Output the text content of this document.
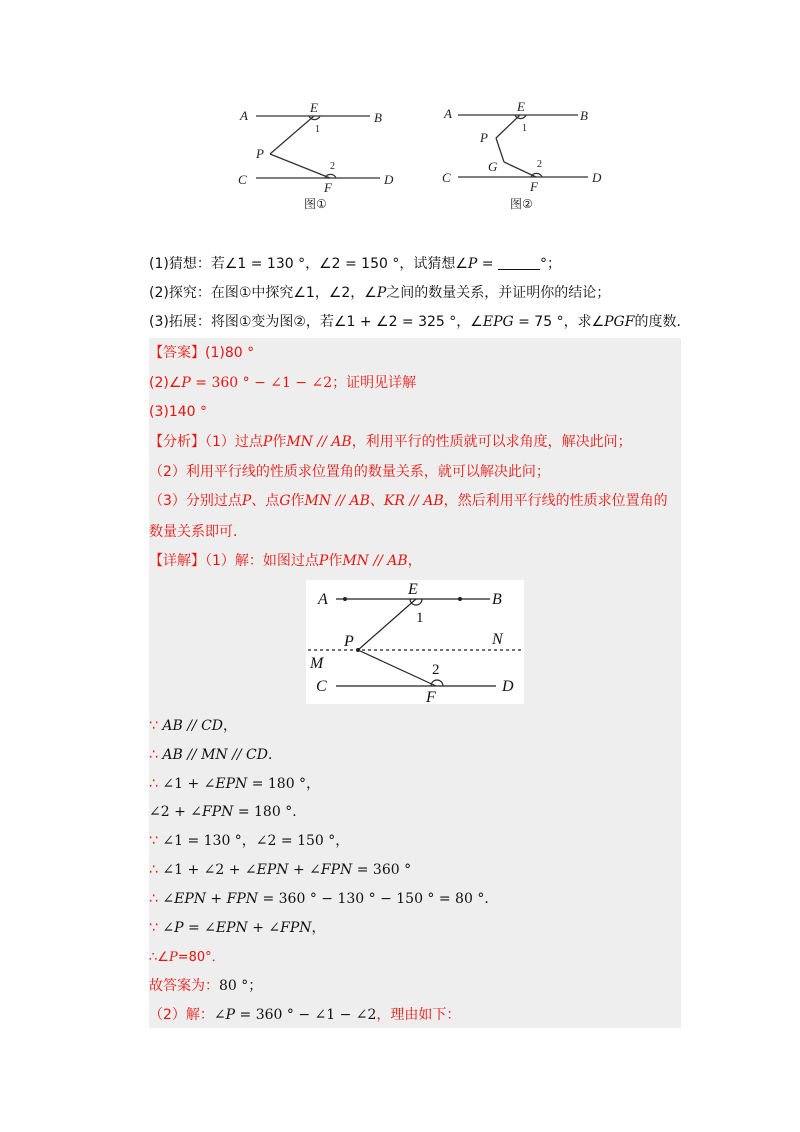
A	B
C	D
E
F
P
1
2
图①
A	B
C	D
E
F
P
G
1
2
图②
(1)猜想：若∠1 = 130 °，∠2 = 150 °，试猜想∠P =	°；
(2)探究：在图①中探究∠1，∠2，∠P之间的数量关系，并证明你的结论；
(3)拓展：将图①变为图②，若∠1 + ∠2 = 325 °，∠EPG = 75 °，求∠PGF的度数．
【答案】(1)80 °
(2)∠P = 360 ° − ∠1 − ∠2；证明见详解
(3)140 °
【分析】（1）过点P作MN // AB，利用平行的性质就可以求角度，解决此问；
（2）利用平行线的性质求位置角的数量关系，就可以解决此问；
（3）分别过点P、点G作MN // AB、KR // AB，然后利用平行线的性质求位置角的
数量关系即可．
【详解】（1）解：如图过点P作MN // AB，
A	B
C	D
E
F
P
M
N
1
2
∵ AB // CD，
∴ AB // MN // CD．
∴ ∠1 + ∠EPN = 180 °，
∠2 + ∠FPN = 180 °．
∵ ∠1 = 130 °，∠2 = 150 °，
∴ ∠1 + ∠2 + ∠EPN + ∠FPN = 360 °
∴ ∠EPN + FPN = 360 ° − 130 ° − 150 ° = 80 °．
∵ ∠P = ∠EPN + ∠FPN，
∴∠P=80°．
故答案为：80 °；
（2）解：∠P = 360 ° − ∠1 − ∠2，理由如下：
